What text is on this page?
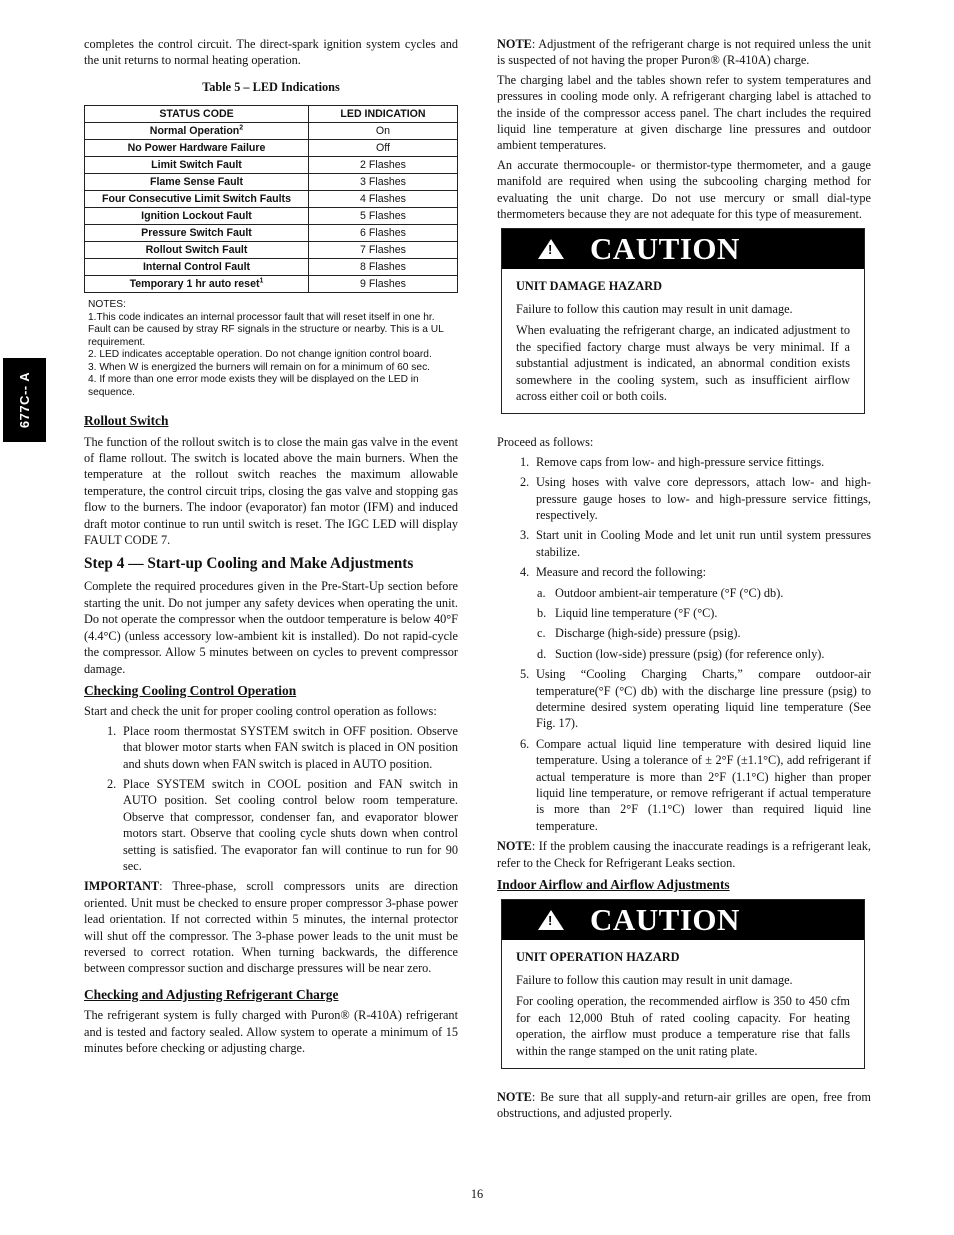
677C-- A

completes the control circuit. The direct-spark ignition system cycles and the unit returns to normal heating operation.

Table 5 – LED Indications
STATUS CODE	LED INDICATION
Normal Operation$^2$	On
No Power Hardware Failure	Off
Limit Switch Fault	2 Flashes
Flame Sense Fault	3 Flashes
Four Consecutive Limit Switch Faults	4 Flashes
Ignition Lockout Fault	5 Flashes
Pressure Switch Fault	6 Flashes
Rollout Switch Fault	7 Flashes
Internal Control Fault	8 Flashes
Temporary 1 hr auto reset$^1$	9 Flashes
NOTES:
1.This code indicates an internal processor fault that will reset itself in one hr. Fault can be caused by stray RF signals in the structure or nearby. This is a UL requirement.
2. LED indicates acceptable operation. Do not change ignition control board.
3. When W is energized the burners will remain on for a minimum of 60 sec.
4. If more than one error mode exists they will be displayed on the LED in sequence.
Rollout Switch

The function of the rollout switch is to close the main gas valve in the event of flame rollout. The switch is located above the main burners. When the temperature at the rollout switch reaches the maximum allowable temperature, the control circuit trips, closing the gas valve and stopping gas flow to the burners. The indoor (evaporator) fan motor (IFM) and induced draft motor continue to run until switch is reset. The IGC LED will display FAULT CODE 7.

Step 4 — Start-up Cooling and Make Adjustments

Complete the required procedures given in the Pre-Start-Up section before starting the unit. Do not jumper any safety devices when operating the unit. Do not operate the compressor when the outdoor temperature is below 40°F (4.4°C) (unless accessory low-ambient kit is installed). Do not rapid-cycle the compressor. Allow 5 minutes between on cycles to prevent compressor damage.

Checking Cooling Control Operation

Start and check the unit for proper cooling control operation as follows:

1. Place room thermostat SYSTEM switch in OFF position. Observe that blower motor starts when FAN switch is placed in ON position and shuts down when FAN switch is placed in AUTO position.
2. Place SYSTEM switch in COOL position and FAN switch in AUTO position. Set cooling control below room temperature. Observe that compressor, condenser fan, and evaporator blower motors start. Observe that cooling cycle shuts down when control setting is satisfied. The evaporator fan will continue to run for 90 sec.

IMPORTANT: Three-phase, scroll compressors units are direction oriented. Unit must be checked to ensure proper compressor 3-phase power lead orientation. If not corrected within 5 minutes, the internal protector will shut off the compressor. The 3-phase power leads to the unit must be reversed to correct rotation. When turning backwards, the difference between compressor suction and discharge pressures will be near zero.

Checking and Adjusting Refrigerant Charge

The refrigerant system is fully charged with Puron® (R-410A) refrigerant and is tested and factory sealed. Allow system to operate a minimum of 15 minutes before checking or adjusting charge.

NOTE: Adjustment of the refrigerant charge is not required unless the unit is suspected of not having the proper Puron® (R-410A) charge.

The charging label and the tables shown refer to system temperatures and pressures in cooling mode only. A refrigerant charging label is attached to the inside of the compressor access panel. The chart includes the required liquid line temperature at given discharge line pressures and outdoor ambient temperatures.

An accurate thermocouple- or thermistor-type thermometer, and a gauge manifold are required when using the subcooling charging method for evaluating the unit charge. Do not use mercury or small dial-type thermometers because they are not adequate for this type of measurement.

! CAUTION
UNIT DAMAGE HAZARD

Failure to follow this caution may result in unit damage.

When evaluating the refrigerant charge, an indicated adjustment to the specified factory charge must always be very minimal. If a substantial adjustment is indicated, an abnormal condition exists somewhere in the cooling system, such as insufficient airflow across either coil or both coils.

Proceed as follows:

1. Remove caps from low- and high-pressure service fittings.
2. Using hoses with valve core depressors, attach low- and high-pressure gauge hoses to low- and high-pressure service fittings, respectively.
3. Start unit in Cooling Mode and let unit run until system pressures stabilize.
4. Measure and record the following:
a. Outdoor ambient-air temperature (°F (°C) db).
b. Liquid line temperature (°F (°C).
c. Discharge (high-side) pressure (psig).
d. Suction (low-side) pressure (psig) (for reference only).
5. Using “Cooling Charging Charts,” compare outdoor-air temperature(°F (°C) db) with the discharge line pressure (psig) to determine desired system operating liquid line temperature (See Fig. 17).
6. Compare actual liquid line temperature with desired liquid line temperature. Using a tolerance of ± 2°F (±1.1°C), add refrigerant if actual temperature is more than 2°F (1.1°C) higher than proper liquid line temperature, or remove refrigerant if actual temperature is more than 2°F (1.1°C) lower than required liquid line temperature.

NOTE: If the problem causing the inaccurate readings is a refrigerant leak, refer to the Check for Refrigerant Leaks section.

Indoor Airflow and Airflow Adjustments
! CAUTION
UNIT OPERATION HAZARD

Failure to follow this caution may result in unit damage.

For cooling operation, the recommended airflow is 350 to 450 cfm for each 12,000 Btuh of rated cooling capacity. For heating operation, the airflow must produce a temperature rise that falls within the range stamped on the unit rating plate.

NOTE: Be sure that all supply-and return-air grilles are open, free from obstructions, and adjusted properly.

16
